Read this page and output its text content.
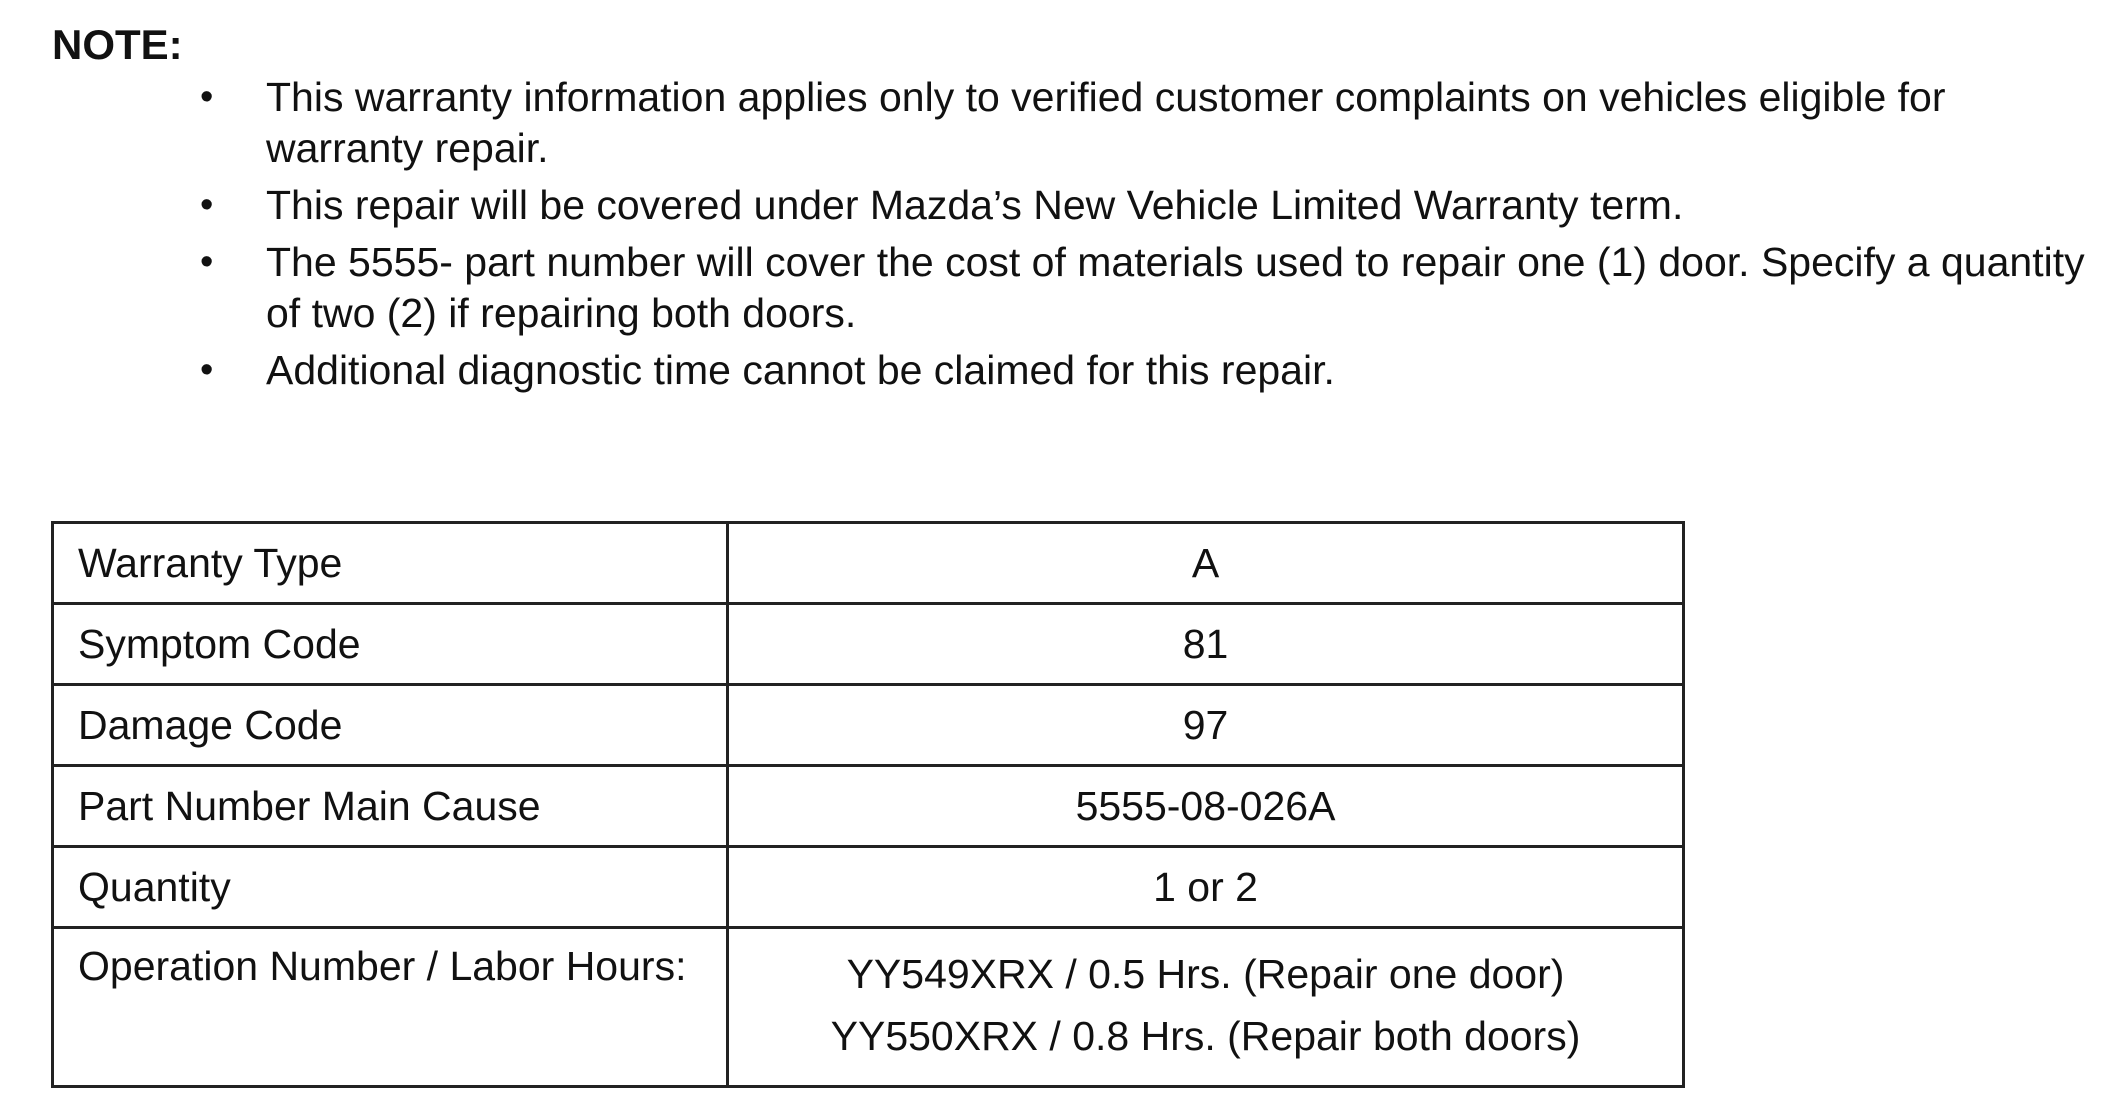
NOTE:
• This warranty information applies only to verified customer complaints on vehicles eligible for warranty repair.
• This repair will be covered under Mazda’s New Vehicle Limited Warranty term.
• The 5555- part number will cover the cost of materials used to repair one (1) door. Specify a quantity of two (2) if repairing both doors.
• Additional diagnostic time cannot be claimed for this repair.
Warranty Type	A
Symptom Code	81
Damage Code	97
Part Number Main Cause	5555-08-026A
Quantity	1 or 2
Operation Number / Labor Hours:	YY549XRX / 0.5 Hrs. (Repair one door)
YY550XRX / 0.8 Hrs. (Repair both doors)
